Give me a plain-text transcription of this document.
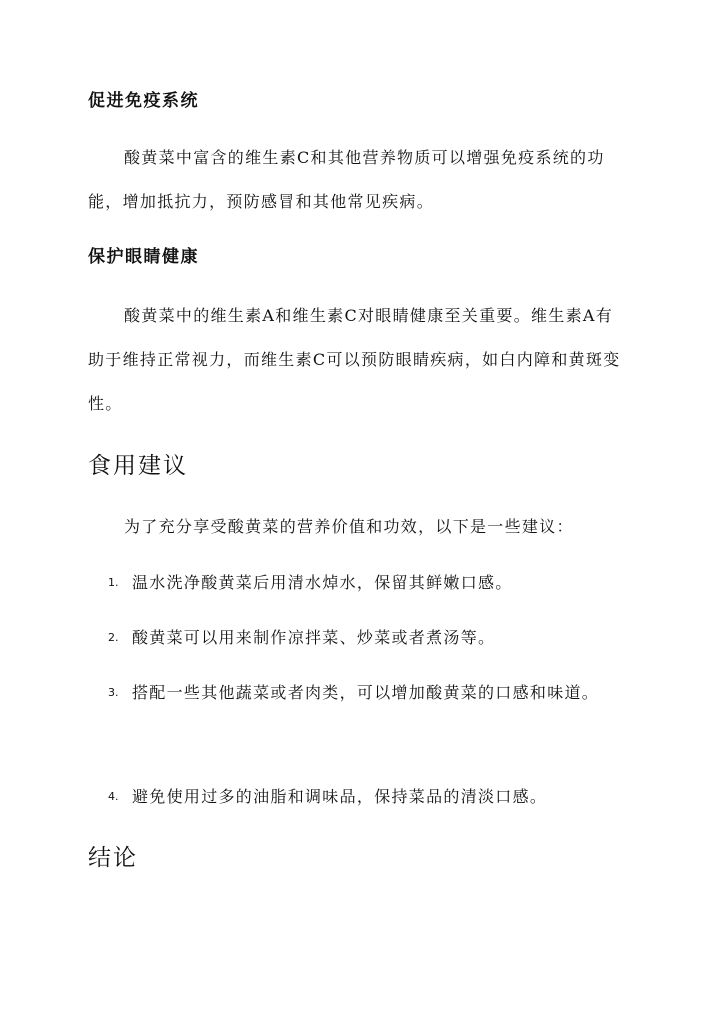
促进免疫系统

酸黄菜中富含的维生素C和其他营养物质可以增强免疫系统的功能，增加抵抗力，预防感冒和其他常见疾病。

保护眼睛健康

酸黄菜中的维生素A和维生素C对眼睛健康至关重要。维生素A有助于维持正常视力，而维生素C可以预防眼睛疾病，如白内障和黄斑变性。

食用建议

为了充分享受酸黄菜的营养价值和功效，以下是一些建议：

1. 温水洗净酸黄菜后用清水焯水，保留其鲜嫩口感。
2. 酸黄菜可以用来制作凉拌菜、炒菜或者煮汤等。
3. 搭配一些其他蔬菜或者肉类，可以增加酸黄菜的口感和味道。
4. 避免使用过多的油脂和调味品，保持菜品的清淡口感。
结论
